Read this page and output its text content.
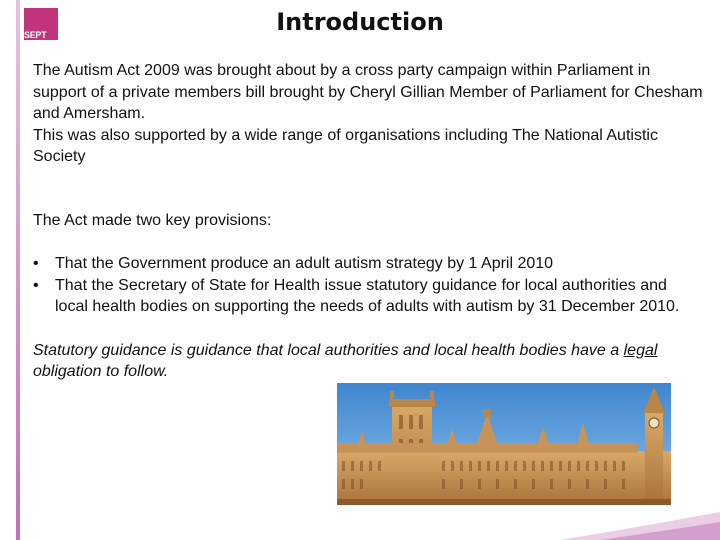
SEPT	Introduction

The Autism Act 2009 was brought about by a cross party campaign within Parliament in support of a private members bill brought by Cheryl Gillian Member of Parliament for Chesham and Amersham.

This was also supported by a wide range of organisations including The National Autistic Society

The Act made two key provisions:

• That the Government produce an adult autism strategy by 1 April 2010
• That the Secretary of State for Health issue statutory guidance for local authorities and local health bodies on supporting the needs of adults with autism by 31 December 2010.

Statutory guidance is guidance that local authorities and local health bodies have a legal obligation to follow.
